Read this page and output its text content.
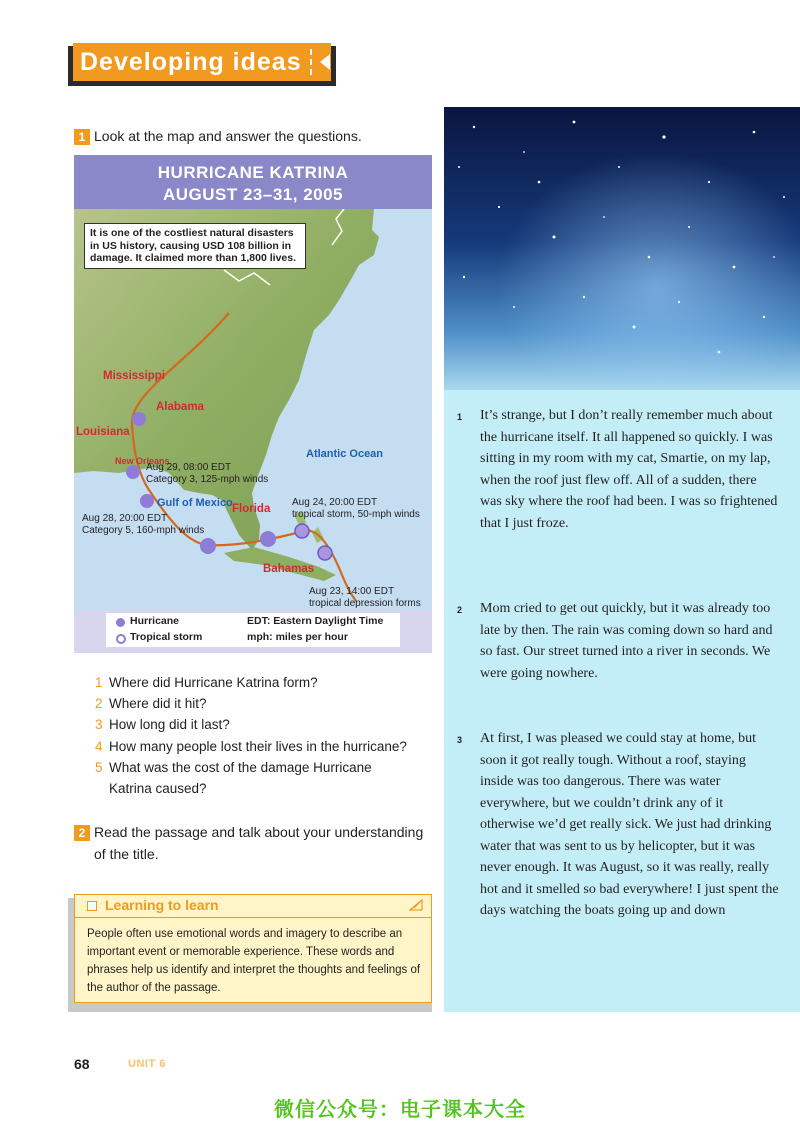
Developing ideas
1 Look at the map and answer the questions.
HURRICANE KATRINA
AUGUST 23–31, 2005
It is one of the costliest natural disasters in US history, causing USD 108 billion in damage. It claimed more than 1,800 lives.
Mississippi
Alabama
Louisiana
New Orleans
Atlantic Ocean
Gulf of Mexico Florida
Bahamas
Aug 29, 08:00 EDT
Category 3, 125-mph winds
Aug 24, 20:00 EDT
tropical storm, 50-mph winds
Aug 28, 20:00 EDT
Category 5, 160-mph winds
Aug 23, 14:00 EDT
tropical depression forms
Hurricane
Tropical storm
EDT: Eastern Daylight Time
mph: miles per hour
1 Where did Hurricane Katrina form?
2 Where did it hit?
3 How long did it last?
4 How many people lost their lives in the hurricane?
5 What was the cost of the damage Hurricane
Katrina caused?
2 Read the passage and talk about your understanding
of the title.
Learning to learn
People often use emotional words and imagery to describe an important event or memorable experience. These words and phrases help us identify and interpret the thoughts and feelings of the author of the passage.
1 It’s strange, but I don’t really remember much about the hurricane itself. It all happened so quickly. I was sitting in my room with my cat, Smartie, on my lap, when the roof just flew off. All of a sudden, there was sky where the roof had been. I was so frightened that I just froze.
2 Mom cried to get out quickly, but it was already too late by then. The rain was coming down so hard and so fast. Our street turned into a river in seconds. We were going nowhere.
3 At first, I was pleased we could stay at home, but soon it got really tough. Without a roof, staying inside was too dangerous. There was water everywhere, but we couldn’t drink any of it otherwise we’d get really sick. We just had drinking water that was sent to us by helicopter, but it was never enough. It was August, so it was really, really hot and it smelled so bad everywhere! I just spent the days watching the boats going up and down
68	UNIT 6
微信公众号：电子课本大全
